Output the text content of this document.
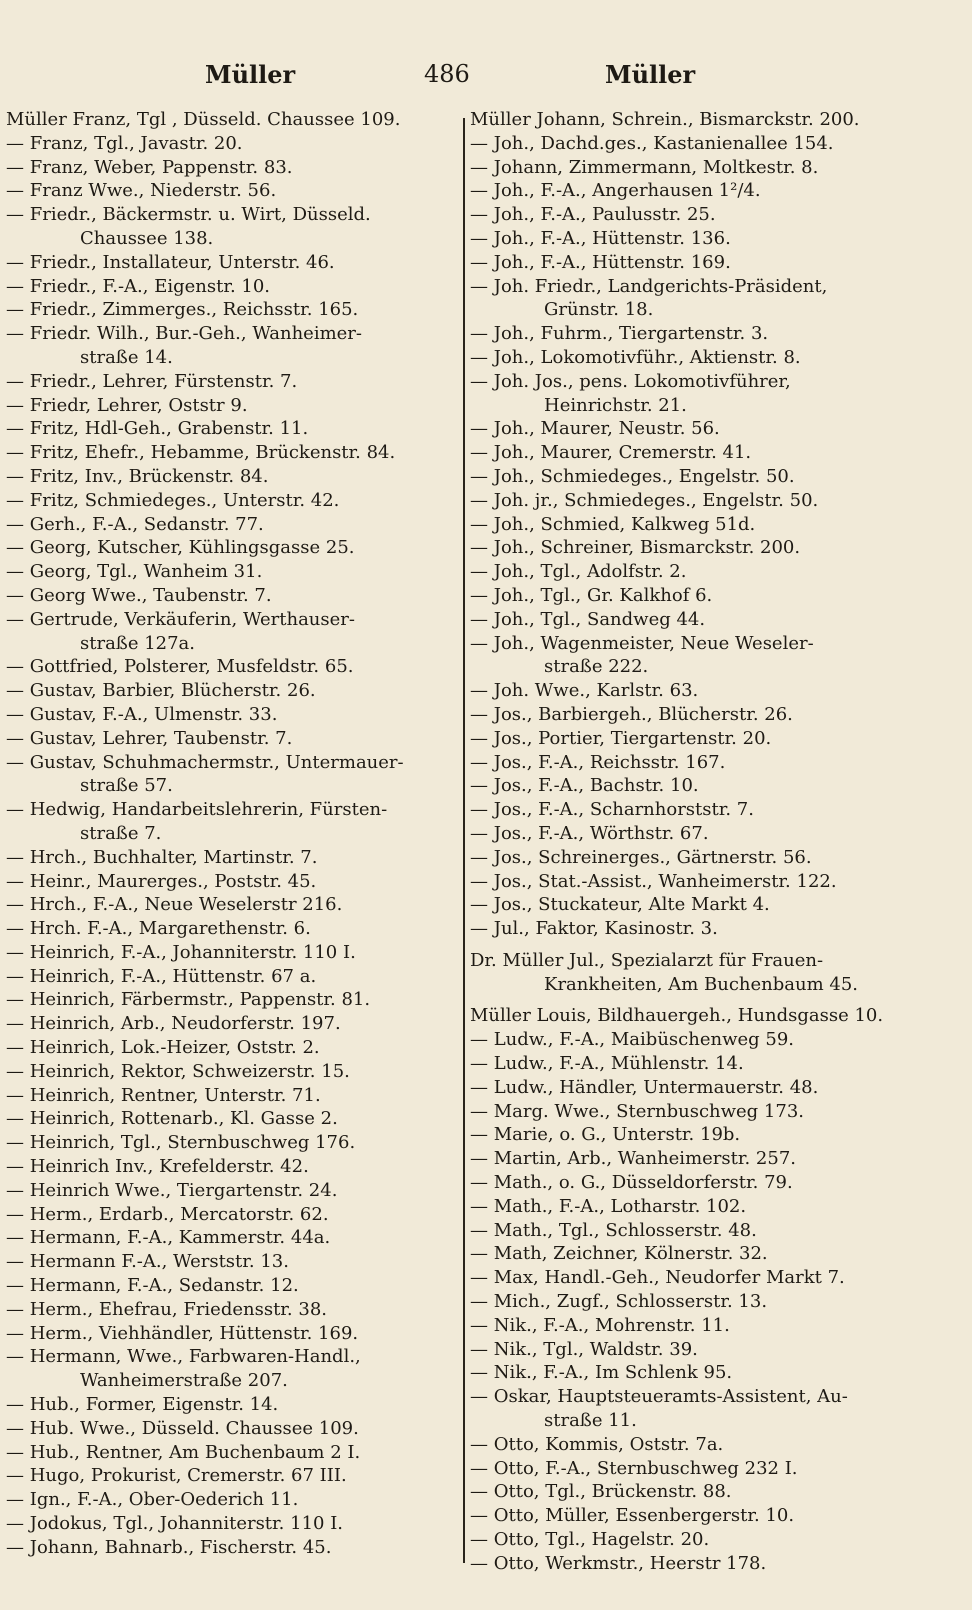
Müller	486	Müller
Müller Franz, Tgl , Düsseld. Chaussee 109.
— Franz, Tgl., Javastr. 20.
— Franz, Weber, Pappenstr. 83.
— Franz Wwe., Niederstr. 56.
— Friedr., Bäckermstr. u. Wirt, Düsseld.
Chaussee 138.
— Friedr., Installateur, Unterstr. 46.
— Friedr., F.-A., Eigenstr. 10.
— Friedr., Zimmerges., Reichsstr. 165.
— Friedr. Wilh., Bur.-Geh., Wanheimer-
straße 14.
— Friedr., Lehrer, Fürstenstr. 7.
— Friedr, Lehrer, Oststr 9.
— Fritz, Hdl-Geh., Grabenstr. 11.
— Fritz, Ehefr., Hebamme, Brückenstr. 84.
— Fritz, Inv., Brückenstr. 84.
— Fritz, Schmiedeges., Unterstr. 42.
— Gerh., F.-A., Sedanstr. 77.
— Georg, Kutscher, Kühlingsgasse 25.
— Georg, Tgl., Wanheim 31.
— Georg Wwe., Taubenstr. 7.
— Gertrude, Verkäuferin, Werthauser-
straße 127a.
— Gottfried, Polsterer, Musfeldstr. 65.
— Gustav, Barbier, Blücherstr. 26.
— Gustav, F.-A., Ulmenstr. 33.
— Gustav, Lehrer, Taubenstr. 7.
— Gustav, Schuhmachermstr., Untermauer-
straße 57.
— Hedwig, Handarbeitslehrerin, Fürsten-
straße 7.
— Hrch., Buchhalter, Martinstr. 7.
— Heinr., Maurerges., Poststr. 45.
— Hrch., F.-A., Neue Weselerstr 216.
— Hrch. F.-A., Margarethenstr. 6.
— Heinrich, F.-A., Johanniterstr. 110 I.
— Heinrich, F.-A., Hüttenstr. 67 a.
— Heinrich, Färbermstr., Pappenstr. 81.
— Heinrich, Arb., Neudorferstr. 197.
— Heinrich, Lok.-Heizer, Oststr. 2.
— Heinrich, Rektor, Schweizerstr. 15.
— Heinrich, Rentner, Unterstr. 71.
— Heinrich, Rottenarb., Kl. Gasse 2.
— Heinrich, Tgl., Sternbuschweg 176.
— Heinrich Inv., Krefelderstr. 42.
— Heinrich Wwe., Tiergartenstr. 24.
— Herm., Erdarb., Mercatorstr. 62.
— Hermann, F.-A., Kammerstr. 44a.
— Hermann F.-A., Werststr. 13.
— Hermann, F.-A., Sedanstr. 12.
— Herm., Ehefrau, Friedensstr. 38.
— Herm., Viehhändler, Hüttenstr. 169.
— Hermann, Wwe., Farbwaren-Handl.,
Wanheimerstraße 207.
— Hub., Former, Eigenstr. 14.
— Hub. Wwe., Düsseld. Chaussee 109.
— Hub., Rentner, Am Buchenbaum 2 I.
— Hugo, Prokurist, Cremerstr. 67 III.
— Ign., F.-A., Ober-Oederich 11.
— Jodokus, Tgl., Johanniterstr. 110 I.
— Johann, Bahnarb., Fischerstr. 45.
Müller Johann, Schrein., Bismarckstr. 200.
— Joh., Dachd.ges., Kastanienallee 154.
— Johann, Zimmermann, Moltkestr. 8.
— Joh., F.-A., Angerhausen 1²/4.
— Joh., F.-A., Paulusstr. 25.
— Joh., F.-A., Hüttenstr. 136.
— Joh., F.-A., Hüttenstr. 169.
— Joh. Friedr., Landgerichts-Präsident,
Grünstr. 18.
— Joh., Fuhrm., Tiergartenstr. 3.
— Joh., Lokomotivführ., Aktienstr. 8.
— Joh. Jos., pens. Lokomotivführer,
Heinrichstr. 21.
— Joh., Maurer, Neustr. 56.
— Joh., Maurer, Cremerstr. 41.
— Joh., Schmiedeges., Engelstr. 50.
— Joh. jr., Schmiedeges., Engelstr. 50.
— Joh., Schmied, Kalkweg 51d.
— Joh., Schreiner, Bismarckstr. 200.
— Joh., Tgl., Adolfstr. 2.
— Joh., Tgl., Gr. Kalkhof 6.
— Joh., Tgl., Sandweg 44.
— Joh., Wagenmeister, Neue Weseler-
straße 222.
— Joh. Wwe., Karlstr. 63.
— Jos., Barbiergeh., Blücherstr. 26.
— Jos., Portier, Tiergartenstr. 20.
— Jos., F.-A., Reichsstr. 167.
— Jos., F.-A., Bachstr. 10.
— Jos., F.-A., Scharnhorststr. 7.
— Jos., F.-A., Wörthstr. 67.
— Jos., Schreinerges., Gärtnerstr. 56.
— Jos., Stat.-Assist., Wanheimerstr. 122.
— Jos., Stuckateur, Alte Markt 4.
— Jul., Faktor, Kasinostr. 3.
Dr. Müller Jul., Spezialarzt für Frauen-
Krankheiten, Am Buchenbaum 45.
Müller Louis, Bildhauergeh., Hundsgasse 10.
— Ludw., F.-A., Maibüschenweg 59.
— Ludw., F.-A., Mühlenstr. 14.
— Ludw., Händler, Untermauerstr. 48.
— Marg. Wwe., Sternbuschweg 173.
— Marie, o. G., Unterstr. 19b.
— Martin, Arb., Wanheimerstr. 257.
— Math., o. G., Düsseldorferstr. 79.
— Math., F.-A., Lotharstr. 102.
— Math., Tgl., Schlosserstr. 48.
— Math, Zeichner, Kölnerstr. 32.
— Max, Handl.-Geh., Neudorfer Markt 7.
— Mich., Zugf., Schlosserstr. 13.
— Nik., F.-A., Mohrenstr. 11.
— Nik., Tgl., Waldstr. 39.
— Nik., F.-A., Im Schlenk 95.
— Oskar, Hauptsteueramts-Assistent, Au-
straße 11.
— Otto, Kommis, Oststr. 7a.
— Otto, F.-A., Sternbuschweg 232 I.
— Otto, Tgl., Brückenstr. 88.
— Otto, Müller, Essenbergerstr. 10.
— Otto, Tgl., Hagelstr. 20.
— Otto, Werkmstr., Heerstr 178.
